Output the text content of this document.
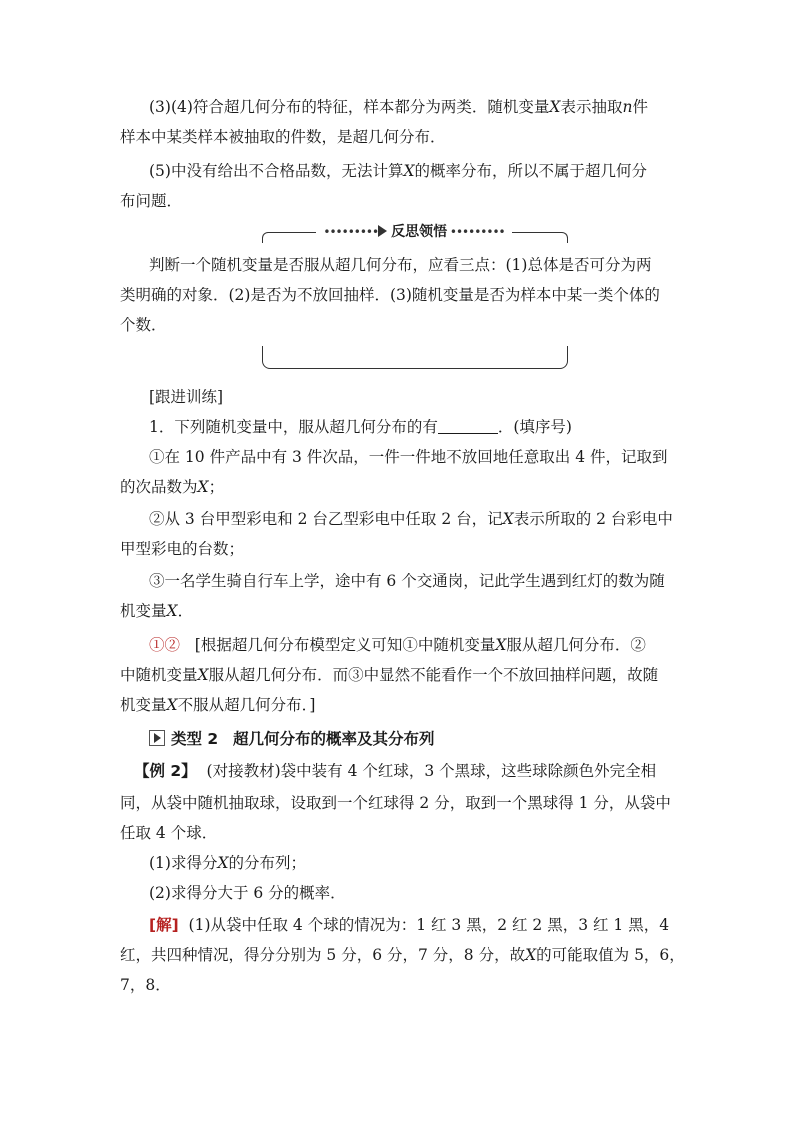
(3)(4)符合超几何分布的特征，样本都分为两类．随机变量X表示抽取n件
样本中某类样本被抽取的件数，是超几何分布．
(5)中没有给出不合格品数，无法计算X的概率分布，所以不属于超几何分
布问题．
••••••••• 反思领悟 •••••••••
判断一个随机变量是否服从超几何分布，应看三点：(1)总体是否可分为两
类明确的对象．(2)是否为不放回抽样．(3)随机变量是否为样本中某一类个体的
个数．
[跟进训练]
1．下列随机变量中，服从超几何分布的有	．(填序号)
①在 10 件产品中有 3 件次品，一件一件地不放回地任意取出 4 件，记取到
的次品数为X；
②从 3 台甲型彩电和 2 台乙型彩电中任取 2 台，记X表示所取的 2 台彩电中
甲型彩电的台数；
③一名学生骑自行车上学，途中有 6 个交通岗，记此学生遇到红灯的数为随
机变量X．
①② [根据超几何分布模型定义可知①中随机变量X服从超几何分布．②
中随机变量X服从超几何分布．而③中显然不能看作一个不放回抽样问题，故随
机变量X不服从超几何分布．]
类型 2 超几何分布的概率及其分布列
【例 2】 (对接教材)袋中装有 4 个红球，3 个黑球，这些球除颜色外完全相
同，从袋中随机抽取球，设取到一个红球得 2 分，取到一个黑球得 1 分，从袋中
任取 4 个球．
(1)求得分X的分布列；
(2)求得分大于 6 分的概率．
[解] (1)从袋中任取 4 个球的情况为：1 红 3 黑，2 红 2 黑，3 红 1 黑，4
红，共四种情况，得分分别为 5 分，6 分，7 分，8 分，故X的可能取值为 5，6，
7，8．
